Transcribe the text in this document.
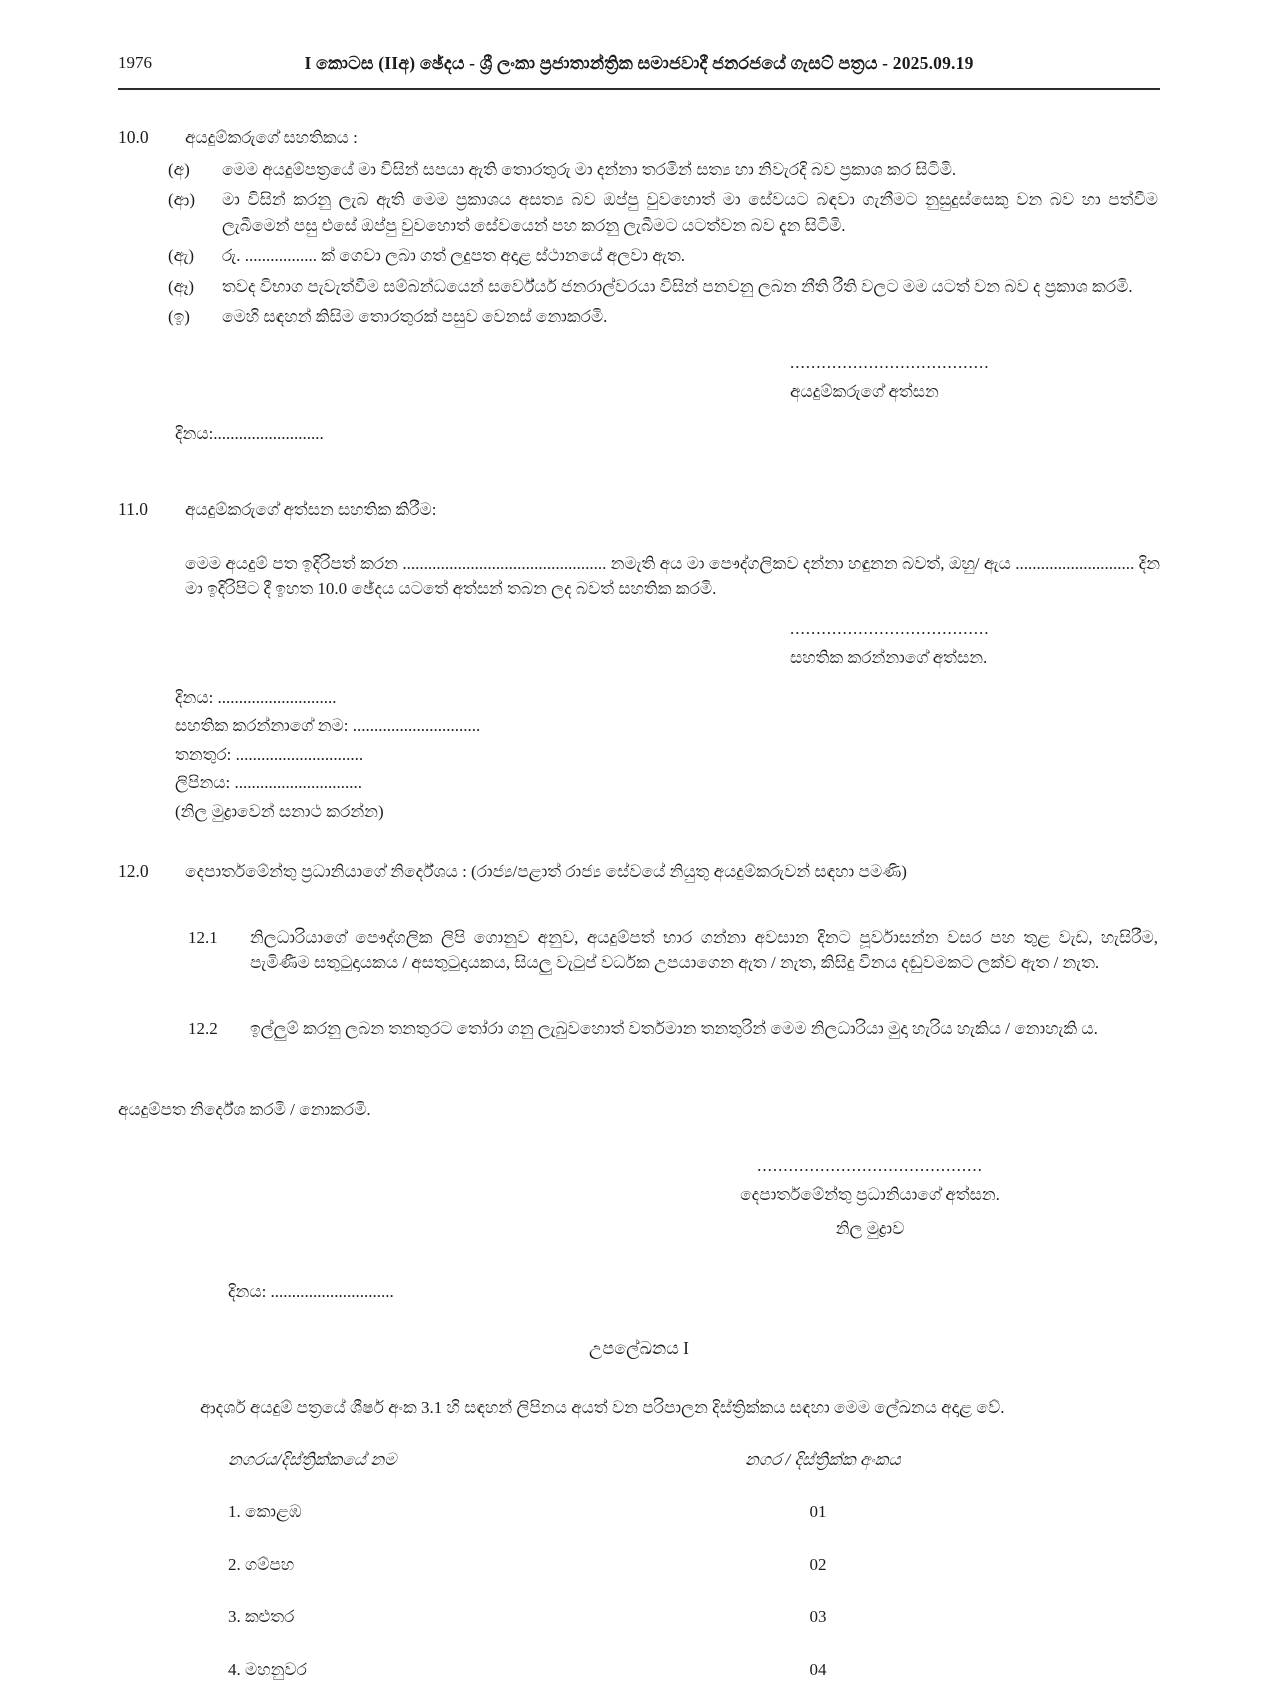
1976	I කොටස (IIඅ) ඡේදය - ශ්‍රී ලංකා ප්‍රජාතාන්ත්‍රික සමාජවාදී ජනරජයේ ගැසට් පත්‍රය - 2025.09.19
10.0	අයදුම්කරුගේ සහතිකය :
(අ)	මෙම අයදුම්පත්‍රයේ මා විසින් සපයා ඇති තොරතුරු මා දන්නා තරමින් සත්‍ය හා නිවැරදි බව ප්‍රකාශ කර සිටිමි.
(ආ)	මා විසින් කරනු ලැබ ඇති මෙම ප්‍රකාශය අසත්‍ය බව ඔප්පු වුවහොත් මා සේවයට බඳවා ගැනීමට නුසුදුස්සෙකු වන බව හා පත්වීම ලැබීමෙන් පසු එසේ ඔප්පු වුවහොත් සේවයෙන් පහ කරනු ලැබීමට යටත්වන බව දැන සිටිමි.
(ඇ)	රු. ................. ක් ගෙවා ලබා ගත් ලදුපත අදාළ ස්ථානයේ අලවා ඇත.
(ඈ)	තවද විභාග පැවැත්වීම සම්බන්ධයෙන් සර්වේයර් ජනරාල්වරයා විසින් පනවනු ලබන නීති රීති වලට මම යටත් වන බව ද ප්‍රකාශ කරමි.
(ඉ)	මෙහි සඳහන් කිසිම තොරතුරක් පසුව වෙනස් නොකරමි.
......................................
අයදුම්කරුගේ අත්සන
දිනය:..........................
11.0	අයදුම්කරුගේ අත්සන සහතික කිරීම:
මෙම අයදුම් පත ඉදිරිපත් කරන ................................................ නමැති අය මා පෞද්ගලිකව දන්නා හඳුනන බවත්, ඔහු/ ඇය ............................ දින මා ඉදිරිපිට දී ඉහත 10.0 ඡේදය යටතේ අත්සන් තබන ලද බවත් සහතික කරමි.
......................................
සහතික කරන්නාගේ අත්සන.
දිනය: ............................
සහතික කරන්නාගේ නම: ..............................
තනතුර: ..............................
ලිපිනය: ..............................
(නිල මුද්‍රාවෙන් සනාථ කරන්න)
12.0	දෙපාර්තමේන්තු ප්‍රධානියාගේ නිර්දේශය : (රාජ්‍ය/පළාත් රාජ්‍ය සේවයේ නියුතු අයදුම්කරුවන් සඳහා පමණි)
12.1	නිලධාරියාගේ පෞද්ගලික ලිපි ගොනුව අනුව, අයදුම්පත් භාර ගන්නා අවසාන දිනට පූර්වාසන්න වසර පහ තුළ වැඩ, හැසිරීම, පැමිණීම සතුටුදායකය / අසතුටුදායකය, සියලු වැටුප් වර්ධක උපයාගෙන ඇත / නැත, කිසිදු විනය දඬුවමකට ලක්ව ඇත / නැත.
12.2	ඉල්ලුම් කරනු ලබන තනතුරට තෝරා ගනු ලැබුවහොත් වර්තමාන තනතුරින් මෙම නිලධාරියා මුදා හැරිය හැකිය / නොහැකි ය.
අයදුම්පත නිර්දේශ කරමි / නොකරමි.
...........................................
දෙපාර්තමේන්තු ප්‍රධානියාගේ අත්සන.
නිල මුද්‍රාව
දිනය: .............................
උපලේඛනය I
ආදර්ශ අයදුම් පත්‍රයේ ශීර්ෂ අංක 3.1 හි සඳහන් ලිපිනය අයත් වන පරිපාලන දිස්ත්‍රික්කය සඳහා මෙම ලේඛනය අදාළ වේ.
නගරය/දිස්ත්‍රික්කයේ නම	නගර / දිස්ත්‍රික්ක අංකය
1. කොළඹ	01
2. ගම්පහ	02
3. කළුතර	03
4. මහනුවර	04
